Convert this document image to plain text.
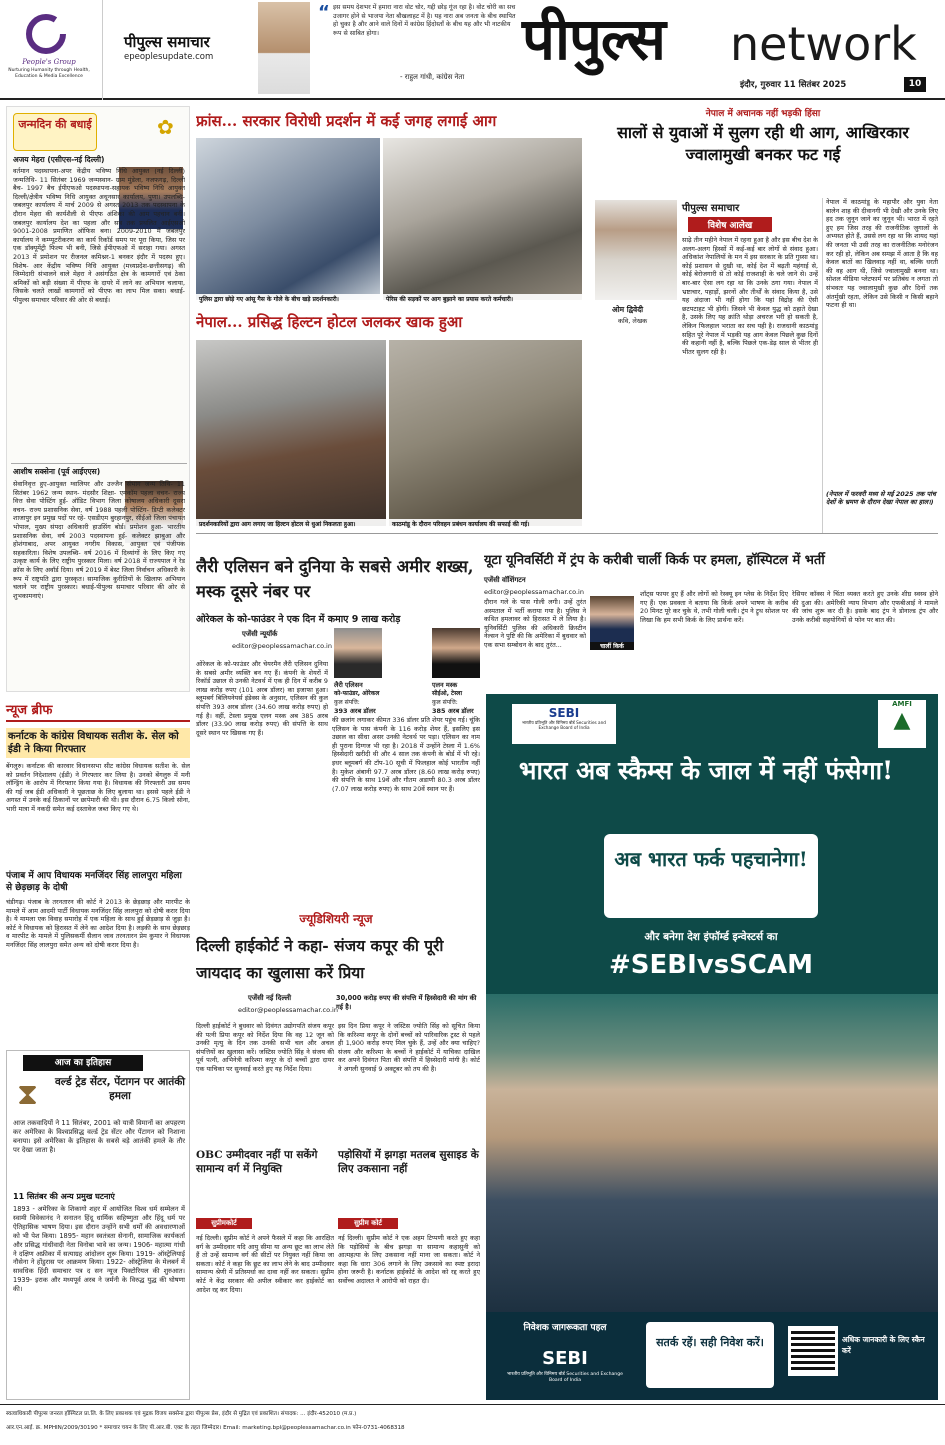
People's Group
Nurturing Humanity through Health, Education & Media Excellence
पीपुल्स समाचार
epeoplesupdate.com
“ इस समय देशभर में हमारा नारा वोट चोर, गद्दी छोड़ गूंज रहा है। वोट चोरी का सच उजागर होने से भाजपा नेता बौखलाहट में है। यह नारा अब जनता के बीच स्थापित हो चुका है और आने वाले दिनों में कांग्रेस हिंदोस्ताँ के बीच यह और भी नाटकीय रूप से साबित होगा।
- राहुल गांधी, कांग्रेस नेता
पीपुल्स network
इंदौर, गुरुवार 11 सितंबर 2025	10
जन्मदिन की बधाई	✿
अजय मेहरा (एसीएस-नई दिल्ली)
वर्तमान पदस्थापना-अपर केंद्रीय भविष्य निधि आयुक्त (नई दिल्ली) जन्मतिथि- 11 सितंबर 1969 जन्मस्थान- ग्राम मुंडेला, नजफगढ़, दिल्ली बैच- 1997 बैच ईपीएफओ पदस्थापना-सहायक भविष्य निधि आयुक्त दिल्ली/क्षेत्रीय भविष्य निधि आयुक्त अधूनसार कार्यालय, पुणा। उपलब्धि-जबलपुर कार्यालय में मार्च 2009 से अगस्त 2013 तक पदस्थापना के दौरान मेहरा की कार्यशैली से पीएफ अंशिका की आम पहचान बनी। जबलपुर कार्यालय देश का पहला और सब तक प्रथलित आईएसओ 9001-2008 प्रमाणित ऑफिस बना। 2009-2010 में जबलपुर कार्यालय ने कम्प्यूटरीकरण का कार्य रिकॉर्ड समय पर पूरा किया, जिस पर एक डॉक्यूमेंट्री फिल्म भी बनी, जिसे ईपीएफओ में सराहा गया। अगस्त 2013 में प्रमोशन पर रीजनल कमिश्नर-1 बनकर इंदौर में पदस्थ हुए। विशेष- आर केंद्रीय भविष्य निधि आयुक्त (मध्यप्रदेश-छत्तीसगढ़) की जिम्मेदारी संभालने वाले मेहरा ने असंगठित क्षेत्र के कामगारों एवं ठेका श्रमिकों को बड़ी संख्या में पीएफ के दायरे में लाने का अभियान चलाया, जिसके चलते लाखों कामगारों को पीएफ का लाभ मिल सका। बधाई- पीपुल्स समाचार परिवार की ओर से बधाई।
आशीष सक्सेना (पूर्व आईएएस)
सेवानिवृत्त हुए-आयुक्त ग्वालियर और उज्जैन संभाग जन्म तिथि- 11 सितंबर 1962 जन्म स्थान- मंदसौर शिक्षा- एमकॉम पहला वचन- राज्य वित्त सेवा पोस्टिंग हुई- ऑडिट विभाग जिला कोषालय अधिकारी दूसरा वचन- राज्य प्रशासनिक सेवा, वर्ष 1988 पहली पोस्टिंग- डिप्टी कलेक्टर शाजापुर इन प्रमुख पदों पर रहे- एसडीएम बुरहानपुर, सीईओ जिला पंचायत भोपाल, मुख्य संपदा अधिकारी हाउसिंग बोर्ड। प्रमोशन हुआ- भारतीय प्रशासनिक सेवा, वर्ष 2003 पदस्थापना हुई- कलेक्टर झाबुआ और होशंगाबाद, अपर आयुक्त नगरीय विकास, आयुक्त एवं पंजीयक सहकारिता। विशेष उपलब्धि- वर्ष 2016 में दिव्यांगों के लिए किए गए उत्कृष्ट कार्य के लिए राष्ट्रीय पुरस्कार मिला। वर्ष 2018 में राज्यपाल ने रेड क्रॉस के लिए अवॉर्ड दिया। वर्ष 2019 में बेस्ट जिला निर्वाचन अधिकारी के रूप में राष्ट्रपति द्वारा पुरस्कृत। सामाजिक कुरीतियों के खिलाफ अभियान चलाने पर राष्ट्रीय पुरस्कार। बधाई-पीपुल्स समाचार परिवार की ओर से शुभकामनाएं।
न्यूज ब्रीफ
कर्नाटक के कांग्रेस विधायक सतीश के. सेल को ईडी ने किया गिरफ्तार
बेंगलुरु। कर्नाटक की कारवार विधानसभा सीट कांग्रेस विधायक सतीश के. सेल को प्रवर्तन निदेशालय (ईडी) ने गिरफ्तार कर लिया है। उनको बेंगलुरु में मनी लॉन्ड्रिंग के आरोप में गिरफ्तार किया गया है। विधायक की गिरफ्तारी उस समय की गई जब ईडी अधिकारी ने पूछताछ के लिए बुलाया था। इससे पहले ईडी ने अगस्त में उनके कई ठिकानों पर छापेमारी की थी। इस दौरान 6.75 किलो सोना, भारी मात्रा में नकदी समेत कई दस्तावेज जब्त किए गए थे।
पंजाब में आप विधायक मनजिंदर सिंह लालपुरा महिला से छेड़छाड़ के दोषी
चंडीगढ़। पंजाब के तरनतारन की कोर्ट ने 2013 के छेड़छाड़ और मारपीट के मामले में आम आदमी पार्टी विधायक मनजिंदर सिंह लालपुरा को दोषी करार दिया है। ये मामला एक विवाह समारोह में एक महिला के साथ हुई छेड़छाड़ से जुड़ा है। कोर्ट ने विधायक को हिरासत में लेने का आदेश दिया है। लड़की के साथ छेड़छाड़ व मारपीट के मामले में पुलिसकर्मी सैलान जाव तरनतारन प्रेम कुमार ने विधायक मनजिंदर सिंह लालपुरा समेत अन्य को दोषी करार दिया है।
आज का इतिहास
⧗ वर्ल्ड ट्रेड सेंटर, पेंटागन पर आतंकी हमला
आज तकवादियों ने 11 सितंबर, 2001 को यात्री विमानों का अपहरण कर अमेरिका के विश्वप्रसिद्ध वर्ल्ड ट्रेड सेंटर और पेंटागन को निशाना बनाया। इसे अमेरिका के इतिहास के सबसे बड़े आतंकी हमले के तौर पर देखा जाता है।
11 सितंबर की अन्य प्रमुख घटनाएं
1893 - अमेरिका के शिकागो शहर में आयोजित विश्व धर्म सम्मेलन में स्वामी विवेकानंद ने सनातन हिंदू धार्मिक सहिष्णुता और हिंदू धर्म पर ऐतिहासिक भाषण दिया। इस दौरान उन्होंने सभी धर्मों की अवधारणाओं को भी पेश किया। 1895- महान स्वतंत्रता सेनानी, सामाजिक कार्यकर्ता और प्रसिद्ध गांधीवादी नेता विनोबा भावे का जन्म। 1906- महात्मा गांधी ने दक्षिण अफ्रीका में सत्याग्रह आंदोलन शुरू किया। 1919- ऑस्ट्रेलियाई नौसेना ने होंडुरास पर आक्रमण किया। 1922- ऑस्ट्रेलिया के मेलबर्न में सावधिक हिंदी समाचार पत्र द सन न्यूज पिक्टोरियल की शुरुआत। 1939- इराक और मध्यपूर्व अरब ने जर्मनी के विरुद्ध युद्ध की घोषणा की।
फ्रांस... सरकार विरोधी प्रदर्शन में कई जगह लगाई आग
पुलिस द्वारा छोड़े गए आंसू गैस के गोले के बीच खड़े प्रदर्शनकारी।	पेरिस की सड़कों पर आग बुझाने का प्रयास करते कर्मचारी।
नेपाल... प्रसिद्ध हिल्टन होटल जलकर खाक हुआ
प्रदर्शनकारियों द्वारा आग लगाए जा हिल्टन होटल से धुआं निकलता हुआ।	काठमांडू के दौरान परिवहन प्रबंधन कार्यालय की सफाई की गई।
नेपाल में अचानक नहीं भड़की हिंसा
सालों से युवाओं में सुलग रही थी आग, आखिरकार ज्वालामुखी बनकर फट गई
ओम द्विवेदी
कवि, लेखक
पीपुल्स समाचार
विशेष आलेख
साढ़े तीन महीने नेपाल में रहना हुआ है और इस बीच देश के अलग-अलग हिस्सों में कई-कई बार लोगों से संवाद हुआ। अधिकांश नेपालियों के मन में इस सरकार के प्रति गुस्सा था। कोई प्रशासन से दुखी था, कोई देश में बढ़ती महंगाई से, कोई बेरोजगारी से तो कोई राजशाही के चले जाने से। उन्हें बार-बार ऐसा लग रहा था कि उनके ठगा गया। नेपाल में भ्रष्टाचार, पहाड़ों, झरनों और तीर्थों के संवाद किया है, उसे यह अंदाजा भी नहीं होगा कि यहां विद्रोह की ऐसी छटपटाहट भी होगी। जिसने भी केवल युद्ध को ठहाते देखा है, उसके लिए यह क्रांति थोड़ा अचरज भरी हो सकती है, लेकिन फिलहाल भराता का सच यही है। राजधानी काठमांडू सहित पूरे नेपाल में भड़की यह आग केवल पिछले कुछ दिनों की कहानी नहीं है, बल्कि पिछले एक-डेढ़ साल से भीतर ही भीतर सुलग रही है।
नेपाल में काठमांडू के महापौर और युवा नेता बालेन शाह की दीवानगी भी देखी और उनके लिए हद तक जुनून जाने का जुनून भी। भारत में रहते हुए हम जिस तरह की राजनीतिक जुगालों के अभ्यस्त होते हैं, उससे लग रहा था कि शायद यहां की जनता भी उसी तरह का राजनीतिक मनोरंजन कर रही हो, लेकिन अब समझ में आता है कि वह केवल बातों का खिलवाड़ नहीं था, बल्कि धरती की वह आग थी, जिसे ज्वालामुखी बनना था। सोशल मीडिया प्लेटफार्म पर प्रतिबंध न लगता तो संभवतः यह ज्वालामुखी कुछ और दिनों तक अंतर्मुखी रहता, लेकिन उसे किसी न किसी बहाने फटना ही था।
(नेपाल में फरवरी मध्य से मई 2025 तक पांच देशों के भ्रमण के दौरान देखा नेपाल का हाल।)
लैरी एलिसन बने दुनिया के सबसे अमीर शख्स, मस्क दूसरे नंबर पर
ओरेकल के को-फाउंडर ने एक दिन में कमाए 9 लाख करोड़
एजेंसी न्यूयॉर्क
editor@peoplessamachar.co.in
लैरी एलिसन
को-फाउंडर, ओरेकल
कुल संपत्ति:
393 अरब डॉलर
एलन मस्क
सीईओ, टेस्ला
कुल संपत्ति:
385 अरब डॉलर
ओरेकल के को-फाउंडर और चेयरमैन लैरी एलिसन दुनिया के सबसे अमीर व्यक्ति बन गए हैं। कंपनी के शेयरों में रिकॉर्ड उछाल से उनकी नेटवर्थ में एक ही दिन में करीब 9 लाख करोड़ रुपए (101 अरब डॉलर) का इजाफा हुआ। ब्लूमबर्ग बिलियनेयर्स इंडेक्स के अनुसार, एलिसन की कुल संपत्ति 393 अरब डॉलर (34.60 लाख करोड़ रुपए) हो गई है। वहीं, टेस्ला प्रमुख एलन मस्क अब 385 अरब डॉलर (33.90 लाख करोड़ रुपए) की संपत्ति के साथ दूसरे स्थान पर खिसक गए हैं।
की छलांग लगाकर कीमत 336 डॉलर प्रति शेयर पहुंच गई। चूंकि एलिसन के पास कंपनी के 116 करोड़ शेयर हैं, इसलिए इस उछाल का सीधा असर उनकी नेटवर्थ पर पड़ा। एलिसन का नाम ही पुराना दिग्गज भी रहा है। 2018 में उन्होंने टेस्ला में 1.6% हिस्सेदारी खरीदी थी और 4 साल तक कंपनी के बोर्ड में भी रहे। इधर ब्लूमबर्ग की टॉप-10 सूची में फिलहाल कोई भारतीय नहीं है। मुकेश अंबानी 97.7 अरब डॉलर (8.60 लाख करोड़ रुपए) की संपत्ति के साथ 19वें और गौतम अडाणी 80.3 अरब डॉलर (7.07 लाख करोड़ रुपए) के साथ 20वें स्थान पर हैं।
यूटा यूनिवर्सिटी में ट्रंप के करीबी चार्ली किर्क पर हमला, हॉस्पिटल में भर्ती
एजेंसी वॉशिंगटन
editor@peoplessamachar.co.in
चार्ली किर्क
दौरान गले के पास गोली लगी। उन्हें तुरंत अस्पताल में भर्ती कराया गया है। पुलिस ने कथित हमलावर को हिरासत में ले लिया है। यूनिवर्सिटी पुलिस की अधिकारी क्रिस्टीन नेल्सन ने पुष्टि की कि अमेरिका में बुधवार को एक सभा सम्बोधन के बाद तुरंत...
शॉट्स फायर हुए हैं और लोगों को रेस्क्यू इन प्लेस के निर्देश दिए गए हैं। एक प्रवक्ता ने बताया कि किर्क अपने भाषण के करीब 20 मिनट पूरे कर चुके थे, तभी गोली चली। ट्रंप ने ट्रुथ सोशल पर लिखा कि हम सभी किर्क के लिए प्रार्थना करें।
रेसियर कॉक्स ने चिंता व्यक्त करते हुए उनके शीघ्र स्वस्थ होने की दुआ की। अमेरिकी न्याय विभाग और एफबीआई ने मामले की जांच शुरू कर दी है। इसके बाद ट्रंप ने डोनाल्ड ट्रंप और उनके करीबी सहयोगियों से फोन पर बात की।
ज्यूडिशियरी न्यूज
दिल्ली हाईकोर्ट ने कहा- संजय कपूर की पूरी जायदाद का खुलासा करें प्रिया
एजेंसी नई दिल्ली
editor@peoplessamachar.co.in
30,000 करोड़ रुपए की संपत्ति में हिस्सेदारी की मांग की गई है।
दिल्ली हाईकोर्ट ने बुधवार को दिवंगत उद्योगपति संजय कपूर की पत्नी प्रिया कपूर को निर्देश दिया कि वह 12 जून को उनकी मृत्यु के दिन तक उनकी सभी चल और अचल संपत्तियों का खुलासा करें। जस्टिस ज्योति सिंह ने संजय की पूर्व पत्नी, अभिनेत्री करिश्मा कपूर के दो बच्चों द्वारा दायर एक याचिका पर सुनवाई करते हुए यह निर्देश दिया।
इस दिन प्रिया कपूर ने जस्टिस ज्योति सिंह को सूचित किया कि करिश्मा कपूर के दोनों बच्चों को पारिवारिक ट्रस्ट से पहले ही 1,900 करोड़ रुपए मिल चुके हैं, उन्हें और क्या चाहिए? संजय और करिश्मा के बच्चों ने हाईकोर्ट में याचिका दाखिल कर अपने दिवंगत पिता की संपत्ति में हिस्सेदारी मांगी है। कोर्ट ने अगली सुनवाई 9 अक्टूबर को तय की है।
OBC उम्मीदवार नहीं पा सकेंगे सामान्य वर्ग में नियुक्ति
सुप्रीमकोर्ट
नई दिल्ली। सुप्रीम कोर्ट ने अपने फैसले में कहा कि आरक्षित वर्ग के उम्मीदवार यदि आयु सीमा या अन्य छूट का लाभ लेते हैं तो उन्हें सामान्य वर्ग की सीटों पर नियुक्त नहीं किया जा सकता। कोर्ट ने कहा कि छूट का लाभ लेने के बाद उम्मीदवार सामान्य श्रेणी में प्रतिस्पर्धा का दावा नहीं कर सकता। सुप्रीम कोर्ट ने केंद्र सरकार की अपील स्वीकार कर हाईकोर्ट का आदेश रद्द कर दिया।
पड़ोसियों में झगड़ा मतलब सुसाइड के लिए उकसाना नहीं
सुप्रीम कोर्ट
नई दिल्ली। सुप्रीम कोर्ट ने एक अहम टिप्पणी करते हुए कहा कि पड़ोसियों के बीच झगड़ा या सामान्य कहासुनी को आत्महत्या के लिए उकसाना नहीं माना जा सकता। कोर्ट ने कहा कि धारा 306 लगाने के लिए उकसावे का स्पष्ट इरादा होना जरूरी है। कर्नाटक हाईकोर्ट के आदेश को रद्द करते हुए सर्वोच्च अदालत ने आरोपी को राहत दी।
SEBI
भारतीय प्रतिभूति और विनिमय बोर्ड Securities and Exchange Board of India
AMFI
▲
भारत अब स्कैम्स के जाल में नहीं फंसेगा!
अब भारत फर्क पहचानेगा!
और बनेगा देश इंफॉर्म्ड इन्वेस्टर्स का
#SEBIvsSCAM
निवेशक जागरूकता पहल
SEBI
भारतीय प्रतिभूति और विनिमय बोर्ड Securities and Exchange Board of India
सतर्क रहें। सही निवेश करें।	अधिक जानकारी के लिए स्कैन करें
स्वत्वाधिकारी पीपुल्स जनरल हॉस्पिटल प्रा.लि. के लिए प्रकाशक एवं मुद्रक विजय सक्सेना द्वारा पीपुल्स प्रेस, इंदौर से मुद्रित एवं प्रकाशित। संपादक: ... इंदौर-452010 (म.प्र.)
आर.एन.आई. क्र. MPHIN/2009/30190 * समाचार चयन के लिए पी.आर.बी. एक्ट के तहत जिम्मेदार। Email: marketing.bpl@peoplessamachar.co.in फोन-0731-4068318
